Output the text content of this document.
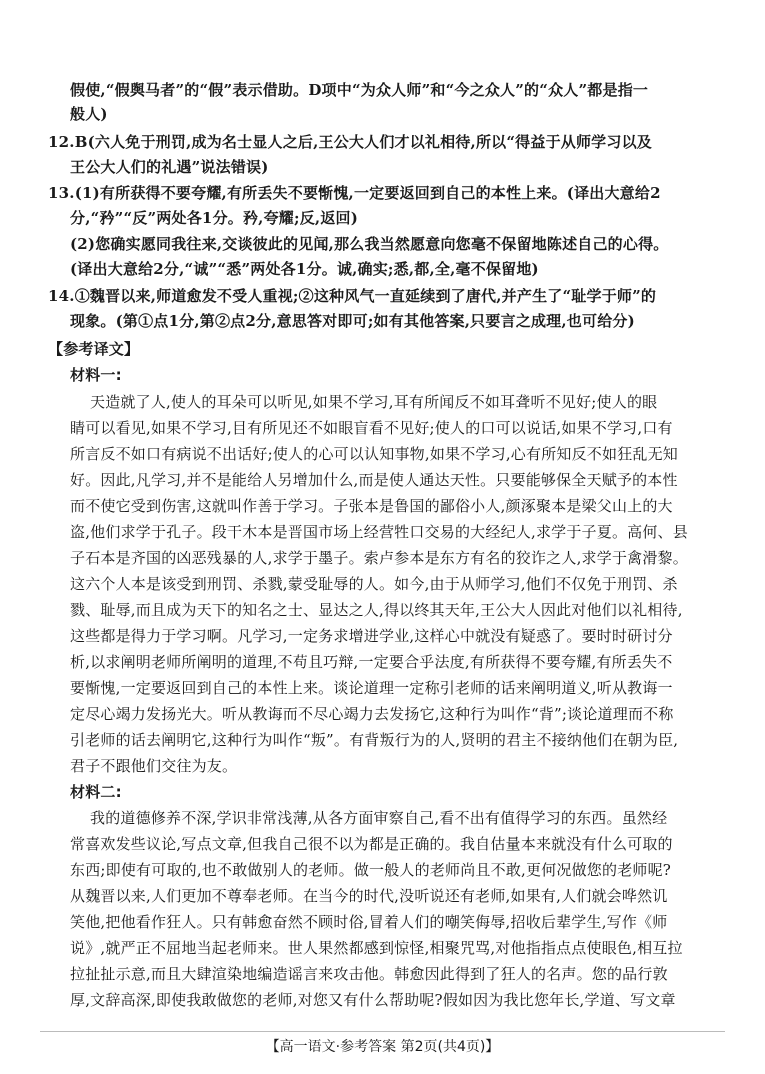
假使,“假舆马者”的“假”表示借助。D项中“为众人师”和“今之众人”的“众人”都是指一
般人)
12.B(六人免于刑罚,成为名士显人之后,王公大人们才以礼相待,所以“得益于从师学习以及
王公大人们的礼遇”说法错误)
13.(1)有所获得不要夸耀,有所丢失不要惭愧,一定要返回到自己的本性上来。(译出大意给2
分,“矜”“反”两处各1分。矜,夸耀;反,返回)
(2)您确实愿同我往来,交谈彼此的见闻,那么我当然愿意向您毫不保留地陈述自己的心得。
(译出大意给2分,“诚”“悉”两处各1分。诚,确实;悉,都,全,毫不保留地)
14.①魏晋以来,师道愈发不受人重视;②这种风气一直延续到了唐代,并产生了“耻学于师”的
现象。(第①点1分,第②点2分,意思答对即可;如有其他答案,只要言之成理,也可给分)
【参考译文】
材料一:
天造就了人,使人的耳朵可以听见,如果不学习,耳有所闻反不如耳聋听不见好;使人的眼
睛可以看见,如果不学习,目有所见还不如眼盲看不见好;使人的口可以说话,如果不学习,口有
所言反不如口有病说不出话好;使人的心可以认知事物,如果不学习,心有所知反不如狂乱无知
好。因此,凡学习,并不是能给人另增加什么,而是使人通达天性。只要能够保全天赋予的本性
而不使它受到伤害,这就叫作善于学习。子张本是鲁国的鄙俗小人,颜涿聚本是梁父山上的大
盗,他们求学于孔子。段干木本是晋国市场上经营牲口交易的大经纪人,求学于子夏。高何、县
子石本是齐国的凶恶残暴的人,求学于墨子。索卢参本是东方有名的狡诈之人,求学于禽滑黎。
这六个人本是该受到刑罚、杀戮,蒙受耻辱的人。如今,由于从师学习,他们不仅免于刑罚、杀
戮、耻辱,而且成为天下的知名之士、显达之人,得以终其天年,王公大人因此对他们以礼相待,
这些都是得力于学习啊。凡学习,一定务求增进学业,这样心中就没有疑惑了。要时时研讨分
析,以求阐明老师所阐明的道理,不苟且巧辩,一定要合乎法度,有所获得不要夸耀,有所丢失不
要惭愧,一定要返回到自己的本性上来。谈论道理一定称引老师的话来阐明道义,听从教诲一
定尽心竭力发扬光大。听从教诲而不尽心竭力去发扬它,这种行为叫作“背”;谈论道理而不称
引老师的话去阐明它,这种行为叫作“叛”。有背叛行为的人,贤明的君主不接纳他们在朝为臣,
君子不跟他们交往为友。
材料二:
我的道德修养不深,学识非常浅薄,从各方面审察自己,看不出有值得学习的东西。虽然经
常喜欢发些议论,写点文章,但我自己很不以为都是正确的。我自估量本来就没有什么可取的
东西;即使有可取的,也不敢做别人的老师。做一般人的老师尚且不敢,更何况做您的老师呢?
从魏晋以来,人们更加不尊奉老师。在当今的时代,没听说还有老师,如果有,人们就会哗然讥
笑他,把他看作狂人。只有韩愈奋然不顾时俗,冒着人们的嘲笑侮辱,招收后辈学生,写作《师
说》,就严正不屈地当起老师来。世人果然都感到惊怪,相聚咒骂,对他指指点点使眼色,相互拉
拉扯扯示意,而且大肆渲染地编造谣言来攻击他。韩愈因此得到了狂人的名声。您的品行敦
厚,文辞高深,即使我敢做您的老师,对您又有什么帮助呢?假如因为我比您年长,学道、写文章
【高一语文·参考答案 第2页(共4页)】
